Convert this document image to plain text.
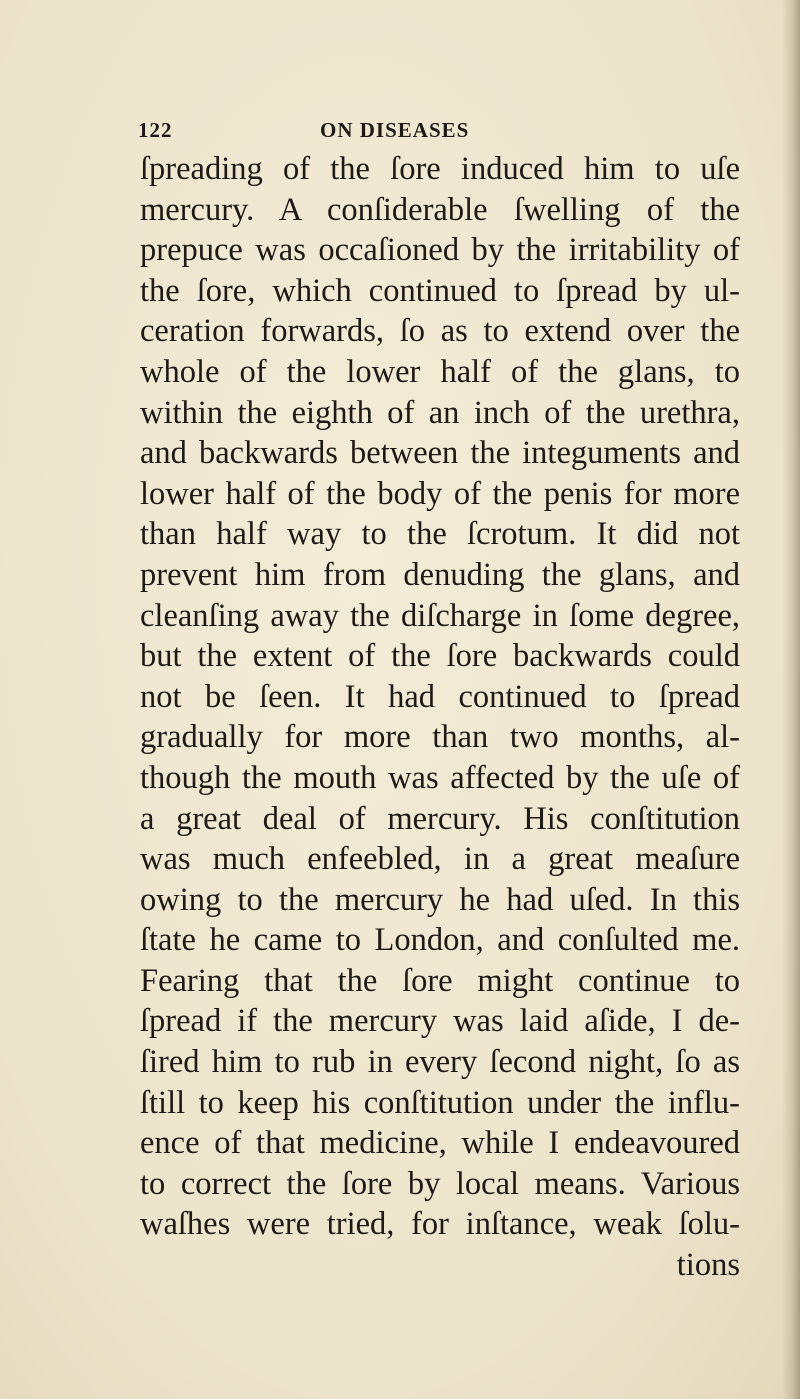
122	ON DISEASES
ſpreading of the ſore induced him to uſe
mercury. A conſiderable ſwelling of the
prepuce was occaſioned by the irritability of
the ſore, which continued to ſpread by ul-
ceration forwards, ſo as to extend over the
whole of the lower half of the glans, to
within the eighth of an inch of the urethra,
and backwards between the integuments and
lower half of the body of the penis for more
than half way to the ſcrotum. It did not
prevent him from denuding the glans, and
cleanſing away the diſcharge in ſome degree,
but the extent of the ſore backwards could
not be ſeen. It had continued to ſpread
gradually for more than two months, al-
though the mouth was affected by the uſe of
a great deal of mercury. His conſtitution
was much enfeebled, in a great meaſure
owing to the mercury he had uſed. In this
ſtate he came to London, and conſulted me.
Fearing that the ſore might continue to
ſpread if the mercury was laid aſide, I de-
ſired him to rub in every ſecond night, ſo as
ſtill to keep his conſtitution under the influ-
ence of that medicine, while I endeavoured
to correct the ſore by local means. Various
waſhes were tried, for inſtance, weak ſolu-
tions
